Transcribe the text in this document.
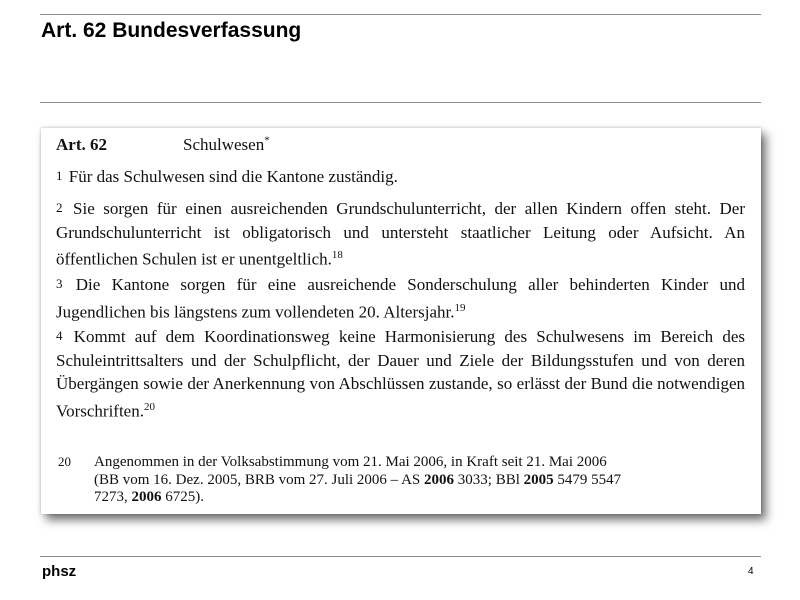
Art. 62 Bundesverfassung
Art. 62	Schulwesen*
1 Für das Schulwesen sind die Kantone zuständig.
2 Sie sorgen für einen ausreichenden Grundschulunterricht, der allen Kindern offen steht. Der Grundschulunterricht ist obligatorisch und untersteht staatlicher Leitung oder Aufsicht. An öffentlichen Schulen ist er unentgeltlich.$^{18}$
3 Die Kantone sorgen für eine ausreichende Sonderschulung aller behinderten Kinder und Jugendlichen bis längstens zum vollendeten 20. Altersjahr.$^{19}$
4 Kommt auf dem Koordinationsweg keine Harmonisierung des Schulwesens im Bereich des Schuleintrittsalters und der Schulpflicht, der Dauer und Ziele der Bildungsstufen und von deren Übergängen sowie der Anerkennung von Abschlüssen zustande, so erlässt der Bund die notwendigen Vorschriften.$^{20}$
20 Angenommen in der Volksabstimmung vom 21. Mai 2006, in Kraft seit 21. Mai 2006
(BB vom 16. Dez. 2005, BRB vom 27. Juli 2006 – AS 2006 3033; BBl 2005 5479 5547
7273, 2006 6725).
phsz	4
